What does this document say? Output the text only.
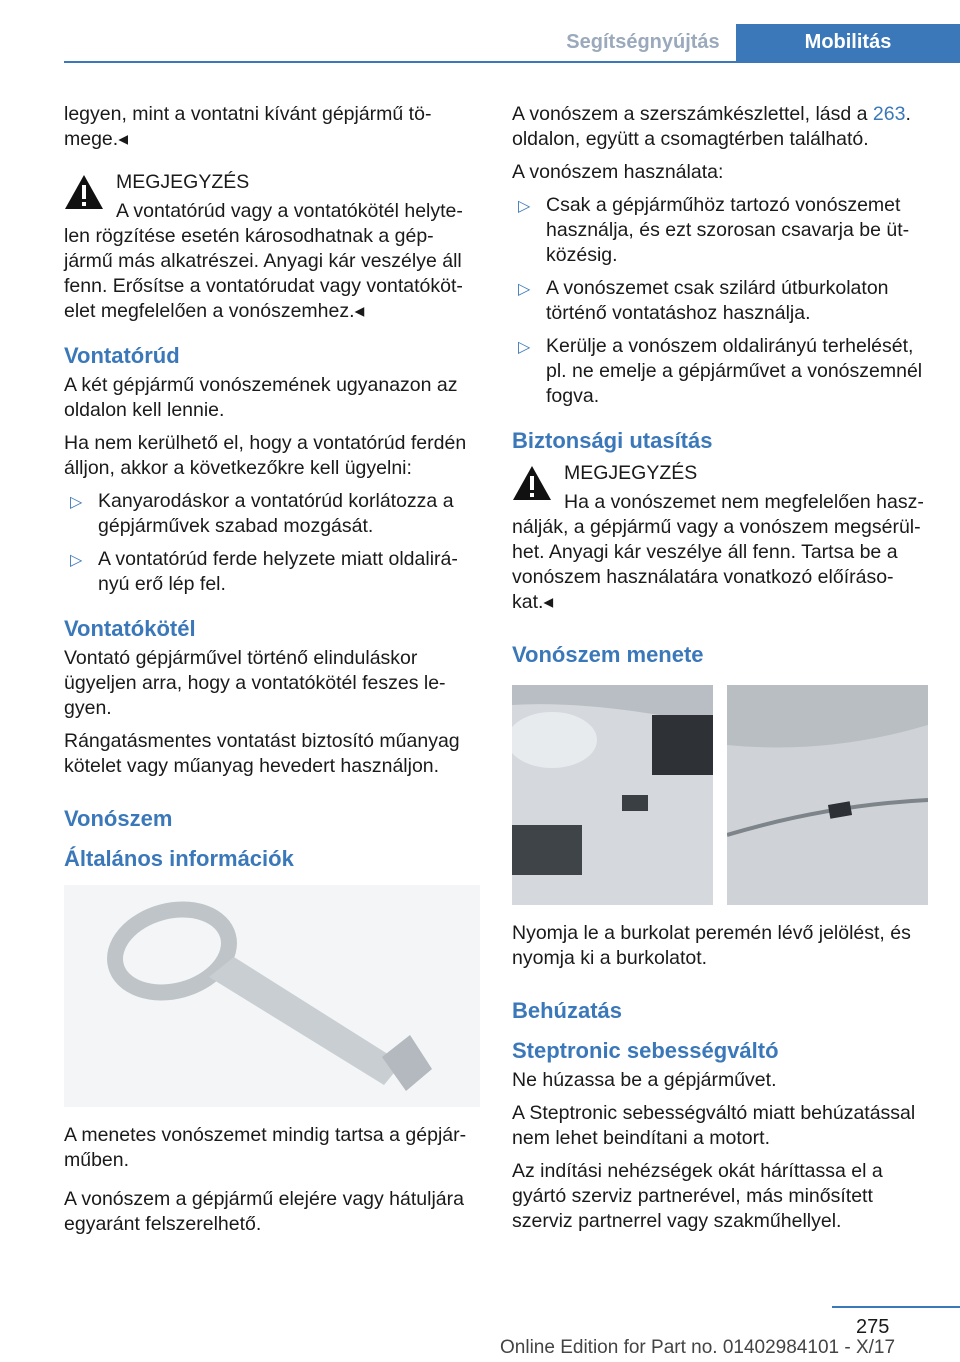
Segítségnyújtás	Mobilitás

legyen, mint a vontatni kívánt gépjármű tö-mege.◂

MEGJEGYZÉS

A vontatórúd vagy a vontatókötél helyte-len rögzítése esetén károsodhatnak a gép-jármű más alkatrészei. Anyagi kár veszélye áll fenn. Erősítse a vontatórudat vagy vontatóköt-elet megfelelően a vonószemhez.◂

Vontatórúd

A két gépjármű vonószemének ugyanazon az oldalon kell lennie.

Ha nem kerülhető el, hogy a vontatórúd ferdén álljon, akkor a következőkre kell ügyelni:

▷ Kanyarodáskor a vontatórúd korlátozza a gépjárművek szabad mozgását.
▷ A vontatórúd ferde helyzete miatt oldalirá-nyú erő lép fel.
Vontatókötél

Vontató gépjárművel történő elinduláskor ügyeljen arra, hogy a vontatókötél feszes le-gyen.

Rángatásmentes vontatást biztosító műanyag kötelet vagy műanyag hevedert használjon.

Vonószem
Általános információk

A menetes vonószemet mindig tartsa a gépjár-műben.

A vonószem a gépjármű elejére vagy hátuljára egyaránt felszerelhető.

A vonószem a szerszámkészlettel, lásd a 263. oldalon, együtt a csomagtérben található.

A vonószem használata:

▷ Csak a gépjárműhöz tartozó vonószemet használja, és ezt szorosan csavarja be üt-közésig.
▷ A vonószemet csak szilárd útburkolaton történő vontatáshoz használja.
▷ Kerülje a vonószem oldalirányú terhelését, pl. ne emelje a gépjárművet a vonószemnél fogva.
Biztonsági utasítás

MEGJEGYZÉS

Ha a vonószemet nem megfelelően hasz-nálják, a gépjármű vagy a vonószem megsérül-het. Anyagi kár veszélye áll fenn. Tartsa be a vonószem használatára vonatkozó előíráso-kat.◂

Vonószem menete

Nyomja le a burkolat peremén lévő jelölést, és nyomja ki a burkolatot.

Behúzatás
Steptronic sebességváltó

Ne húzassa be a gépjárművet.

A Steptronic sebességváltó miatt behúzatással nem lehet beindítani a motort.

Az indítási nehézségek okát háríttassa el a gyártó szerviz partnerével, más minősített szerviz partnerrel vagy szakműhellyel.

275
Online Edition for Part no. 01402984101 - X/17
